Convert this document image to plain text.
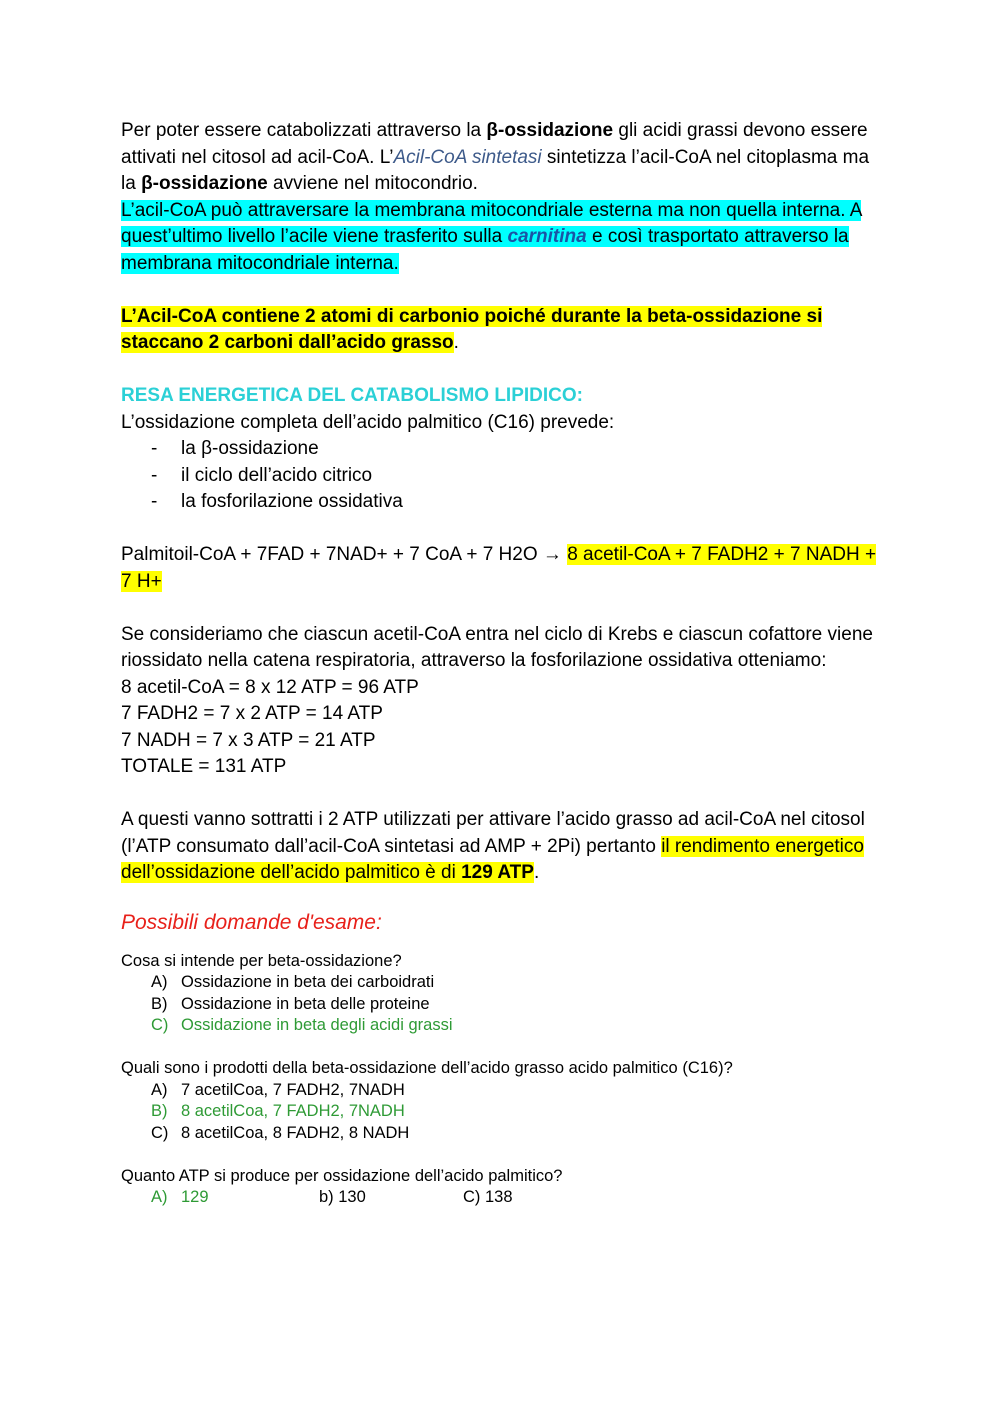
Per poter essere catabolizzati attraverso la β-ossidazione gli acidi grassi devono essere attivati nel citosol ad acil-CoA. L’Acil-CoA sintetasi sintetizza l’acil-CoA nel citoplasma ma la β-ossidazione avviene nel mitocondrio.

L’acil-CoA può attraversare la membrana mitocondriale esterna ma non quella interna. A quest’ultimo livello l’acile viene trasferito sulla carnitina e così trasportato attraverso la membrana mitocondriale interna.

L’Acil-CoA contiene 2 atomi di carbonio poiché durante la beta-ossidazione si staccano 2 carboni dall’acido grasso.

RESA ENERGETICA DEL CATABOLISMO LIPIDICO:

L’ossidazione completa dell’acido palmitico (C16) prevede:

- la β-ossidazione
- il ciclo dell’acido citrico
- la fosforilazione ossidativa

Palmitoil-CoA + 7FAD + 7NAD+ + 7 CoA + 7 H2O → 8 acetil-CoA + 7 FADH2 + 7 NADH + 7 H+

Se consideriamo che ciascun acetil-CoA entra nel ciclo di Krebs e ciascun cofattore viene riossidato nella catena respiratoria, attraverso la fosforilazione ossidativa otteniamo:

8 acetil-CoA = 8 x 12 ATP = 96 ATP

7 FADH2 = 7 x 2 ATP = 14 ATP

7 NADH = 7 x 3 ATP = 21 ATP

TOTALE = 131 ATP

A questi vanno sottratti i 2 ATP utilizzati per attivare l’acido grasso ad acil-CoA nel citosol (l’ATP consumato dall’acil-CoA sintetasi ad AMP + 2Pi) pertanto il rendimento energetico dell’ossidazione dell’acido palmitico è di 129 ATP.

Possibili domande d'esame:

Cosa si intende per beta-ossidazione?

A) Ossidazione in beta dei carboidrati
B) Ossidazione in beta delle proteine
C) Ossidazione in beta degli acidi grassi

Quali sono i prodotti della beta-ossidazione dell’acido grasso acido palmitico (C16)?

A) 7 acetilCoa, 7 FADH2, 7NADH
B) 8 acetilCoa, 7 FADH2, 7NADH
C) 8 acetilCoa, 8 FADH2, 8 NADH

Quanto ATP si produce per ossidazione dell’acido palmitico?

A) 129	b) 130	C) 138
